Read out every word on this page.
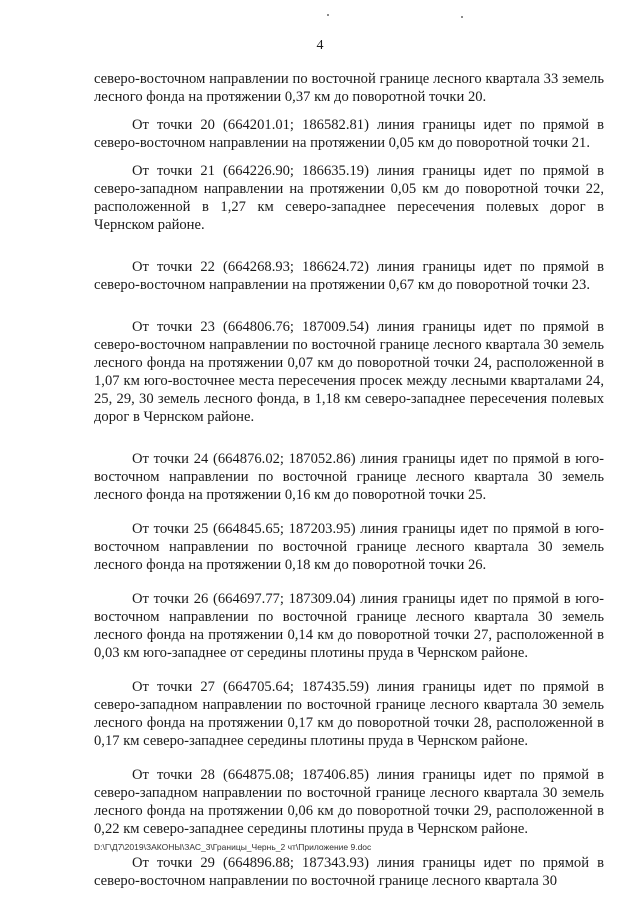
4

северо-восточном направлении по восточной границе лесного квартала 33 земель лесного фонда на протяжении 0,37 км до поворотной точки 20.

От точки 20 (664201.01; 186582.81) линия границы идет по прямой в северо-восточном направлении на протяжении 0,05 км до поворотной точки 21.

От точки 21 (664226.90; 186635.19) линия границы идет по прямой в северо-западном направлении на протяжении 0,05 км до поворотной точки 22, расположенной в 1,27 км северо-западнее пересечения полевых дорог в Чернском районе.

От точки 22 (664268.93; 186624.72) линия границы идет по прямой в северо-восточном направлении на протяжении 0,67 км до поворотной точки 23.

От точки 23 (664806.76; 187009.54) линия границы идет по прямой в северо-восточном направлении по восточной границе лесного квартала 30 земель лесного фонда на протяжении 0,07 км до поворотной точки 24, расположенной в 1,07 км юго-восточнее места пересечения просек между лесными кварталами 24, 25, 29, 30 земель лесного фонда, в 1,18 км северо-западнее пересечения полевых дорог в Чернском районе.

От точки 24 (664876.02; 187052.86) линия границы идет по прямой в юго-восточном направлении по восточной границе лесного квартала 30 земель лесного фонда на протяжении 0,16 км до поворотной точки 25.

От точки 25 (664845.65; 187203.95) линия границы идет по прямой в юго-восточном направлении по восточной границе лесного квартала 30 земель лесного фонда на протяжении 0,18 км до поворотной точки 26.

От точки 26 (664697.77; 187309.04) линия границы идет по прямой в юго-восточном направлении по восточной границе лесного квартала 30 земель лесного фонда на протяжении 0,14 км до поворотной точки 27, расположенной в 0,03 км юго-западнее от середины плотины пруда в Чернском районе.

От точки 27 (664705.64; 187435.59) линия границы идет по прямой в северо-западном направлении по восточной границе лесного квартала 30 земель лесного фонда на протяжении 0,17 км до поворотной точки 28, расположенной в 0,17 км северо-западнее середины плотины пруда в Чернском районе.

От точки 28 (664875.08; 187406.85) линия границы идет по прямой в северо-западном направлении по восточной границе лесного квартала 30 земель лесного фонда на протяжении 0,06 км до поворотной точки 29, расположенной в 0,22 км северо-западнее середины плотины пруда в Чернском районе.

От точки 29 (664896.88; 187343.93) линия границы идет по прямой в северо-восточном направлении по восточной границе лесного квартала 30

D:\Г\Д7\2019\ЗАКОНЫ\ЗАС_3\Границы_Чернь_2 чт\Приложение 9.doc
